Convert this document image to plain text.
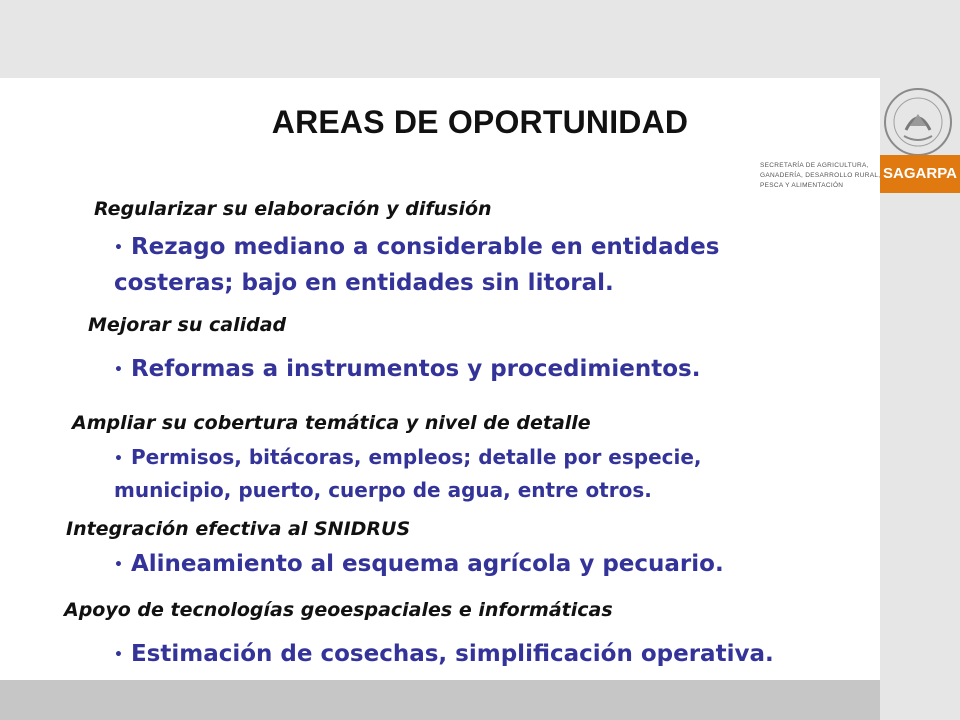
AREAS DE OPORTUNIDAD
SECRETARÍA DE AGRICULTURA,
GANADERÍA, DESARROLLO RURAL,
PESCA Y ALIMENTACIÓN
SAGARPA
Regularizar su elaboración y difusión
• Rezago mediano a considerable en entidades
costeras; bajo en entidades sin litoral.
Mejorar su calidad
• Reformas a instrumentos y procedimientos.
Ampliar su cobertura temática y nivel de detalle
• Permisos, bitácoras, empleos; detalle por especie,
municipio, puerto, cuerpo de agua, entre otros.
Integración efectiva al SNIDRUS
• Alineamiento al esquema agrícola y pecuario.
Apoyo de tecnologías geoespaciales e informáticas
• Estimación de cosechas, simplificación operativa.
